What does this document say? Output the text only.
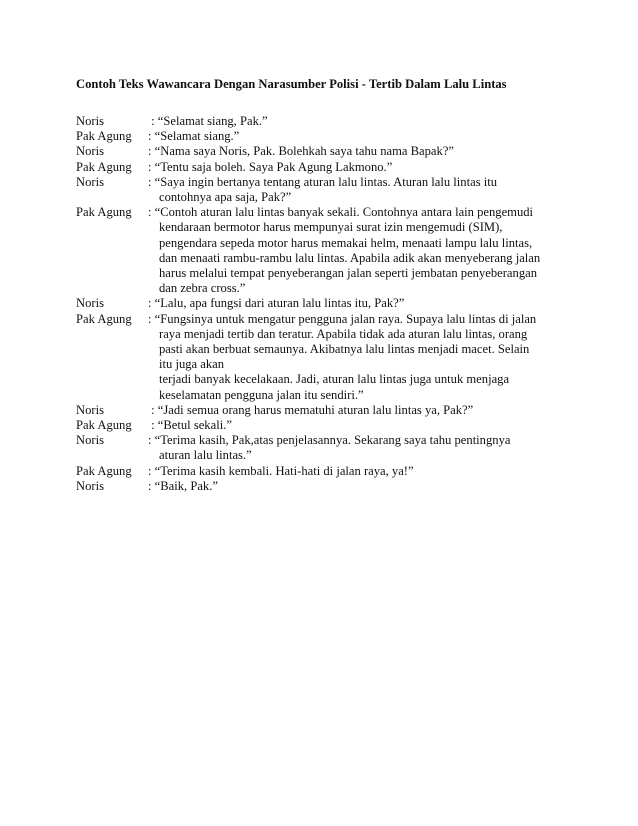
Contoh Teks Wawancara Dengan Narasumber Polisi - Tertib Dalam Lalu Lintas
Noris	: “Selamat siang, Pak.”
Pak Agung : “Selamat siang.”
Noris	: “Nama saya Noris, Pak. Bolehkah saya tahu nama Bapak?”
Pak Agung : “Tentu saja boleh. Saya Pak Agung Lakmono.”
Noris	: “Saya ingin bertanya tentang aturan lalu lintas. Aturan lalu lintas itu
contohnya apa saja, Pak?”
Pak Agung : “Contoh aturan lalu lintas banyak sekali. Contohnya antara lain pengemudi
kendaraan bermotor harus mempunyai surat izin mengemudi (SIM),
pengendara sepeda motor harus memakai helm, menaati lampu lalu lintas,
dan menaati rambu-rambu lalu lintas. Apabila adik akan menyeberang jalan
harus melalui tempat penyeberangan jalan seperti jembatan penyeberangan
dan zebra cross.”
Noris	: “Lalu, apa fungsi dari aturan lalu lintas itu, Pak?”
Pak Agung : “Fungsinya untuk mengatur pengguna jalan raya. Supaya lalu lintas di jalan
raya menjadi tertib dan teratur. Apabila tidak ada aturan lalu lintas, orang
pasti akan berbuat semaunya. Akibatnya lalu lintas menjadi macet. Selain
itu juga akan
terjadi banyak kecelakaan. Jadi, aturan lalu lintas juga untuk menjaga
keselamatan pengguna jalan itu sendiri.”
Noris	: “Jadi semua orang harus mematuhi aturan lalu lintas ya, Pak?”
Pak Agung : “Betul sekali.”
Noris	: “Terima kasih, Pak,atas penjelasannya. Sekarang saya tahu pentingnya
aturan lalu lintas.”
Pak Agung : “Terima kasih kembali. Hati-hati di jalan raya, ya!”
Noris	: “Baik, Pak.”
